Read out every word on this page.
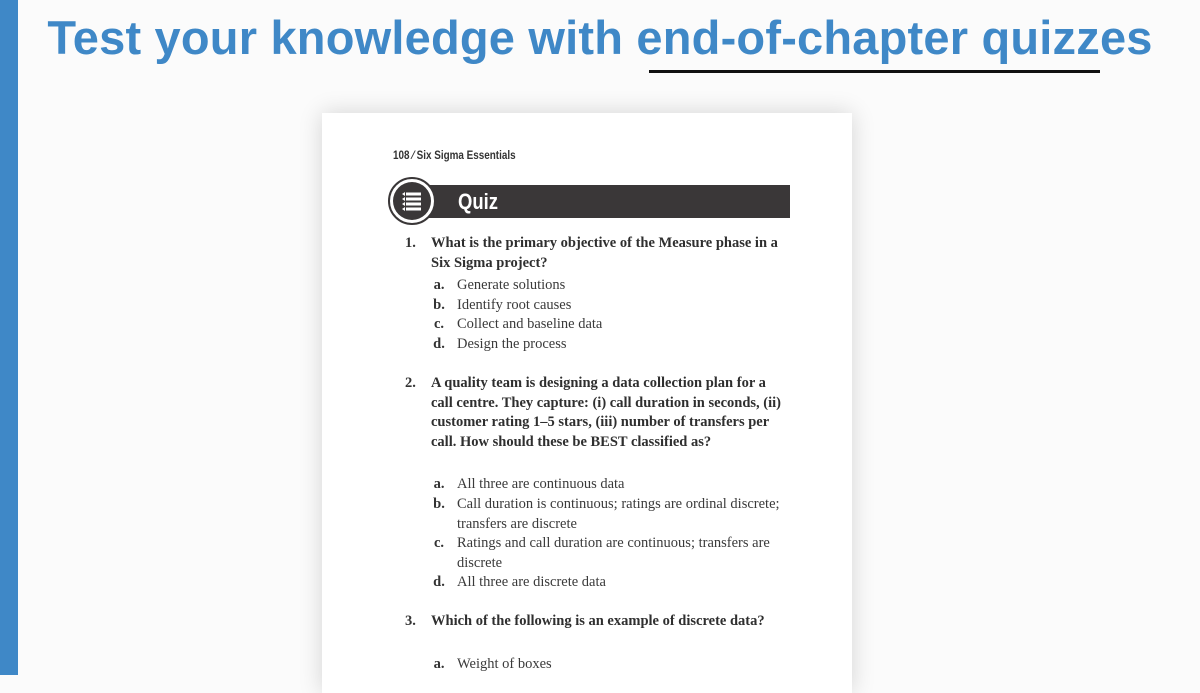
Test your knowledge with end-of-chapter quizzes
108 ⁄ Six Sigma Essentials
Quiz
1. What is the primary objective of the Measure phase in a Six Sigma project?

a. Generate solutions

b. Identify root causes

c. Collect and baseline data

d. Design the process

2. A quality team is designing a data collection plan for a call centre. They capture: (i) call duration in seconds, (ii) customer rating 1–5 stars, (iii) number of transfers per call. How should these be BEST classified as?

a. All three are continuous data

b. Call duration is continuous; ratings are ordinal discrete; transfers are discrete

c. Ratings and call duration are continuous; transfers are discrete

d. All three are discrete data

3. Which of the following is an example of discrete data?

a. Weight of boxes
